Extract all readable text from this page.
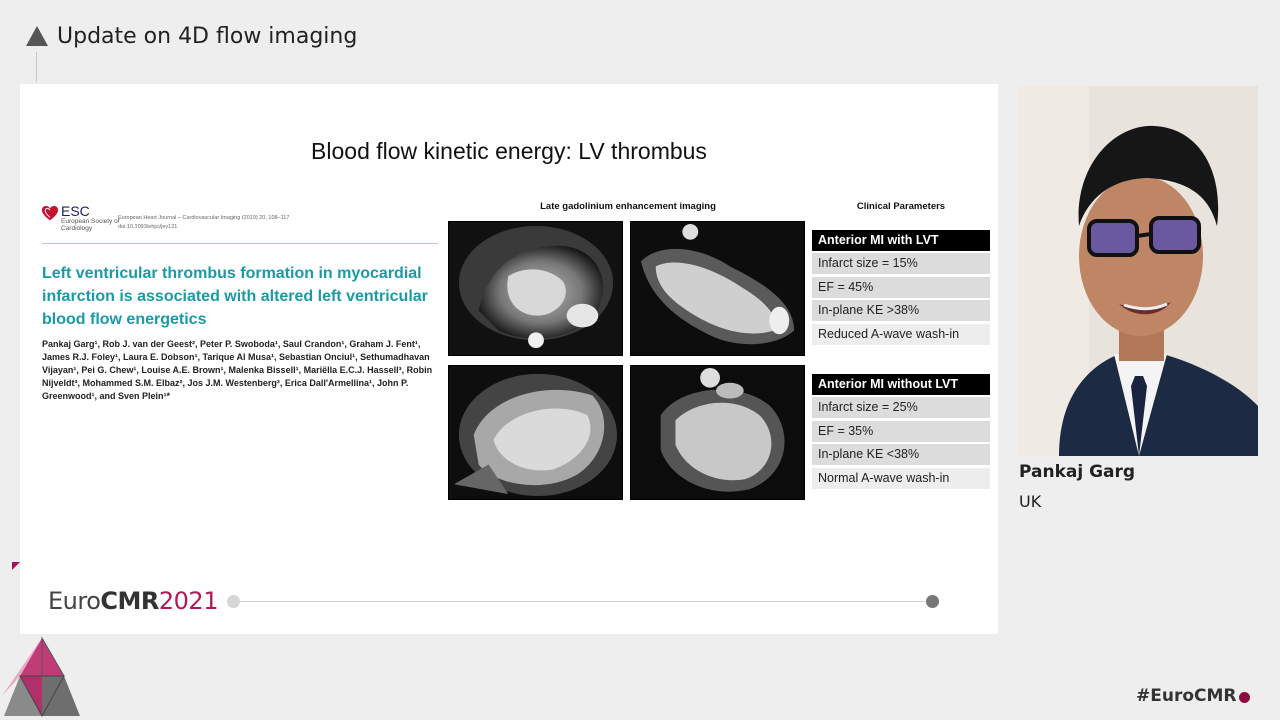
Update on 4D flow imaging
Blood flow kinetic energy: LV thrombus
ESC
European Society of Cardiology
European Heart Journal – Cardiovascular Imaging (2019) 20, 108–117
doi:10.1093/ehjci/jey121
Left ventricular thrombus formation in myocardial infarction is associated with altered left ventricular blood flow energetics
Pankaj Garg¹, Rob J. van der Geest², Peter P. Swoboda¹, Saul Crandon¹, Graham J. Fent¹, James R.J. Foley¹, Laura E. Dobson¹, Tarique Al Musa¹, Sebastian Onciul¹, Sethumadhavan Vijayan¹, Pei G. Chew¹, Louise A.E. Brown¹, Malenka Bissell¹, Mariëlla E.C.J. Hassell³, Robin Nijveldt³, Mohammed S.M. Elbaz², Jos J.M. Westenberg², Erica Dall'Armellina¹, John P. Greenwood¹, and Sven Plein¹*
Late gadolinium enhancement imaging	Clinical Parameters
Anterior MI with LVT
Infarct size = 15%
EF = 45%
In-plane KE >38%
Reduced A-wave wash-in
Anterior MI without LVT
Infarct size = 25%
EF = 35%
In-plane KE <38%
Normal A-wave wash-in
EuroCMR2021
Pankaj Garg
UK
#EuroCMR
